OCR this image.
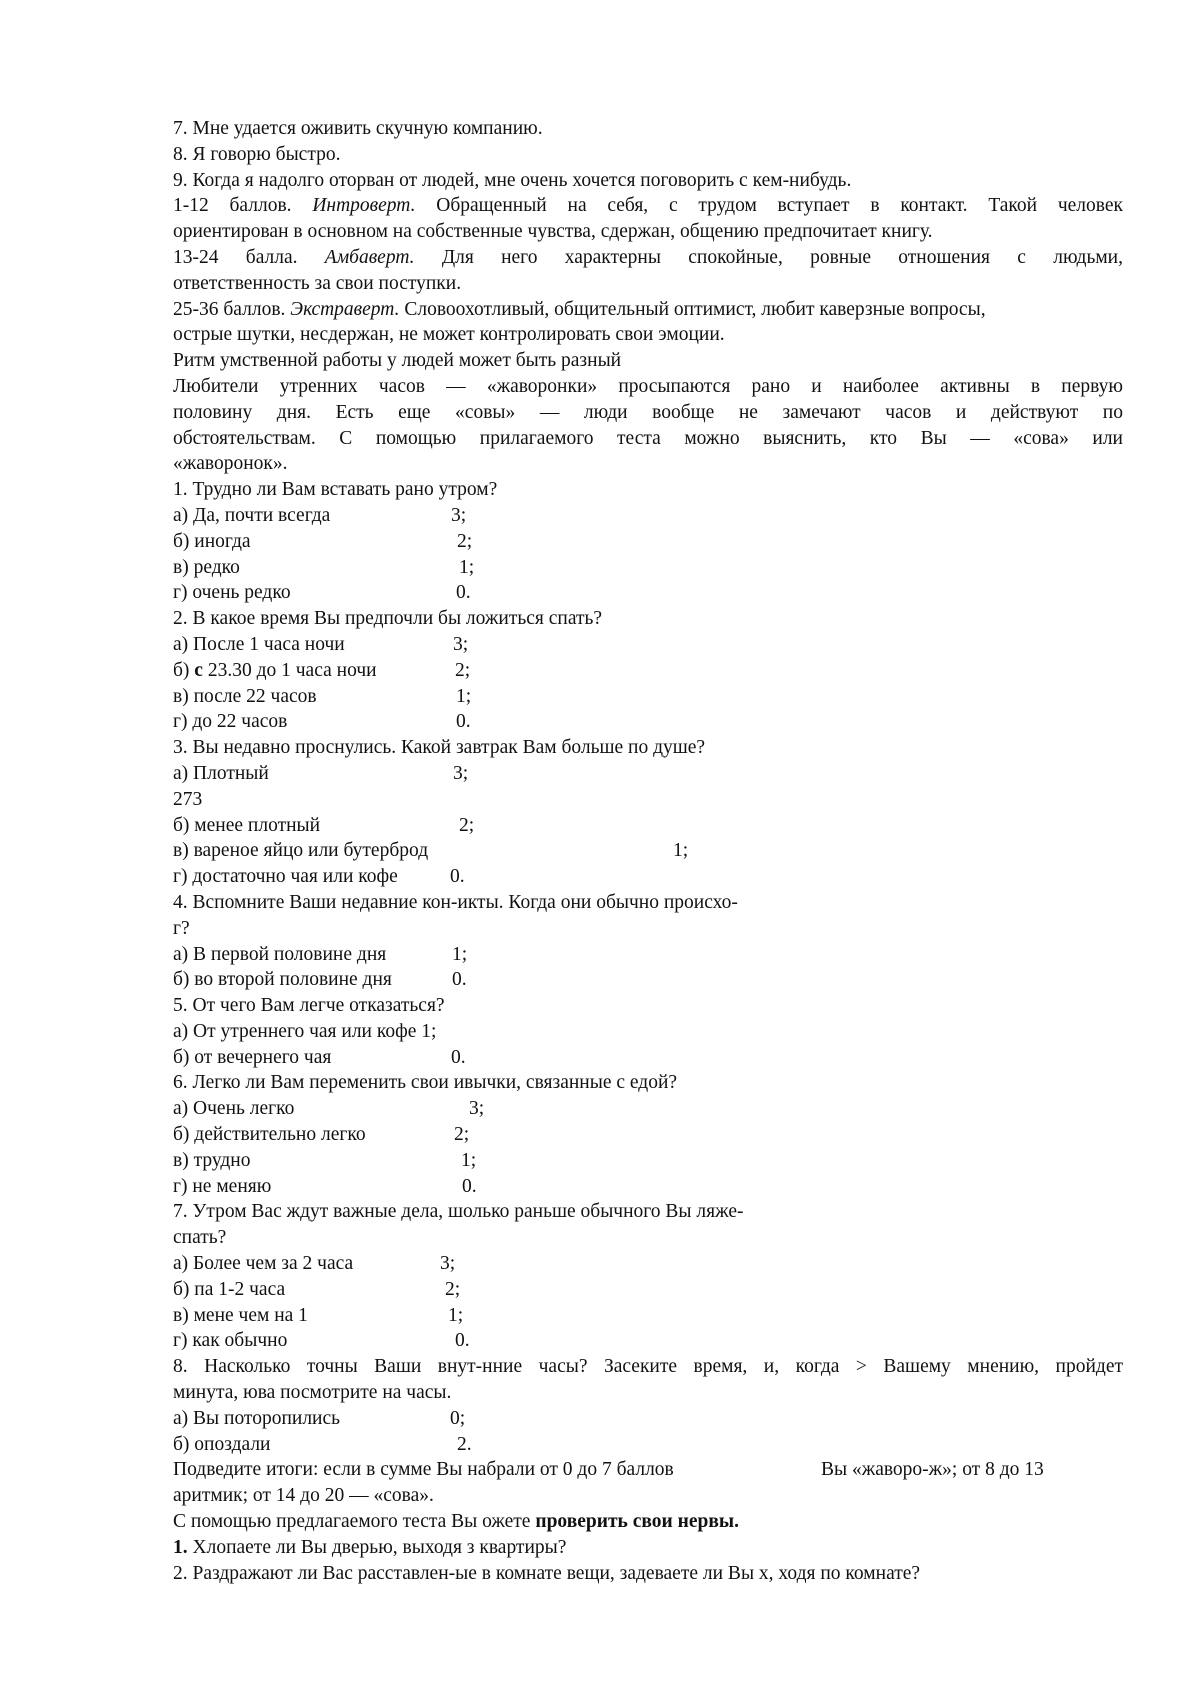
7. Мне удается оживить скучную компанию.
8. Я говорю быстро.
9. Когда я надолго оторван от людей, мне очень хочется поговорить с кем-нибудь.
1-12 баллов. Интроверт. Обращенный на себя, с трудом вступает в контакт. Такой человек
ориентирован в основном на собственные чувства, сдержан, общению предпочитает книгу.
13-24 балла. Амбаверт. Для него характерны спокойные, ровные отношения с людьми,
ответственность за свои поступки.
25-36 баллов. Экстраверт. Словоохотливый, общительный оптимист, любит каверзные вопросы,
острые шутки, несдержан, не может контролировать свои эмоции.
Ритм умственной работы у людей может быть разный
Любители утренних часов — «жаворонки» просыпаются рано и наиболее активны в первую
половину дня. Есть еще «совы» — люди вообще не замечают часов и действуют по
обстоятельствам. С помощью прилагаемого теста можно выяснить, кто Вы — «сова» или
«жаворонок».
1. Трудно ли Вам вставать рано утром?
а) Да, почти всегда	3;
б) иногда	2;
в) редко	1;
г) очень редко	0.
2. В какое время Вы предпочли бы ложиться спать?
а) После 1 часа ночи	3;
б) с 23.30 до 1 часа ночи	2;
в) после 22 часов	1;
г) до 22 часов	0.
3. Вы недавно проснулись. Какой завтрак Вам больше по душе?
а) Плотный	3;
273
б) менее плотный	2;
в) вареное яйцо или бутерброд	1;
г) достаточно чая или кофе	0.
4. Вспомните Ваши недавние кон-икты. Когда они обычно происхо-
г?
а) В первой половине дня	1;
б) во второй половине дня	0.
5. От чего Вам легче отказаться?
а) От утреннего чая или кофе 1;
б) от вечернего чая	0.
6. Легко ли Вам переменить свои ивычки, связанные с едой?
а) Очень легко	3;
б) действительно легко	2;
в) трудно	1;
г) не меняю	0.
7. Утром Вас ждут важные дела, шолько раньше обычного Вы ляже-
спать?
а) Более чем за 2 часа	3;
б) па 1-2 часа	2;
в) мене чем на 1	1;
г) как обычно	0.
8. Насколько точны Ваши внут-нние часы? Засеките время, и, когда > Вашему мнению, пройдет
минута, юва посмотрите на часы.
а) Вы поторопились	0;
б) опоздали	2.
Подведите итоги: если в сумме Вы набрали от 0 до 7 баллов	Вы «жаворо-ж»; от 8 до 13
аритмик; от 14 до 20 — «сова».
С помощью предлагаемого теста Вы ожете проверить свои нервы.
1. Хлопаете ли Вы дверью, выходя з квартиры?
2. Раздражают ли Вас расставлен-ые в комнате вещи, задеваете ли Вы х, ходя по комнате?
